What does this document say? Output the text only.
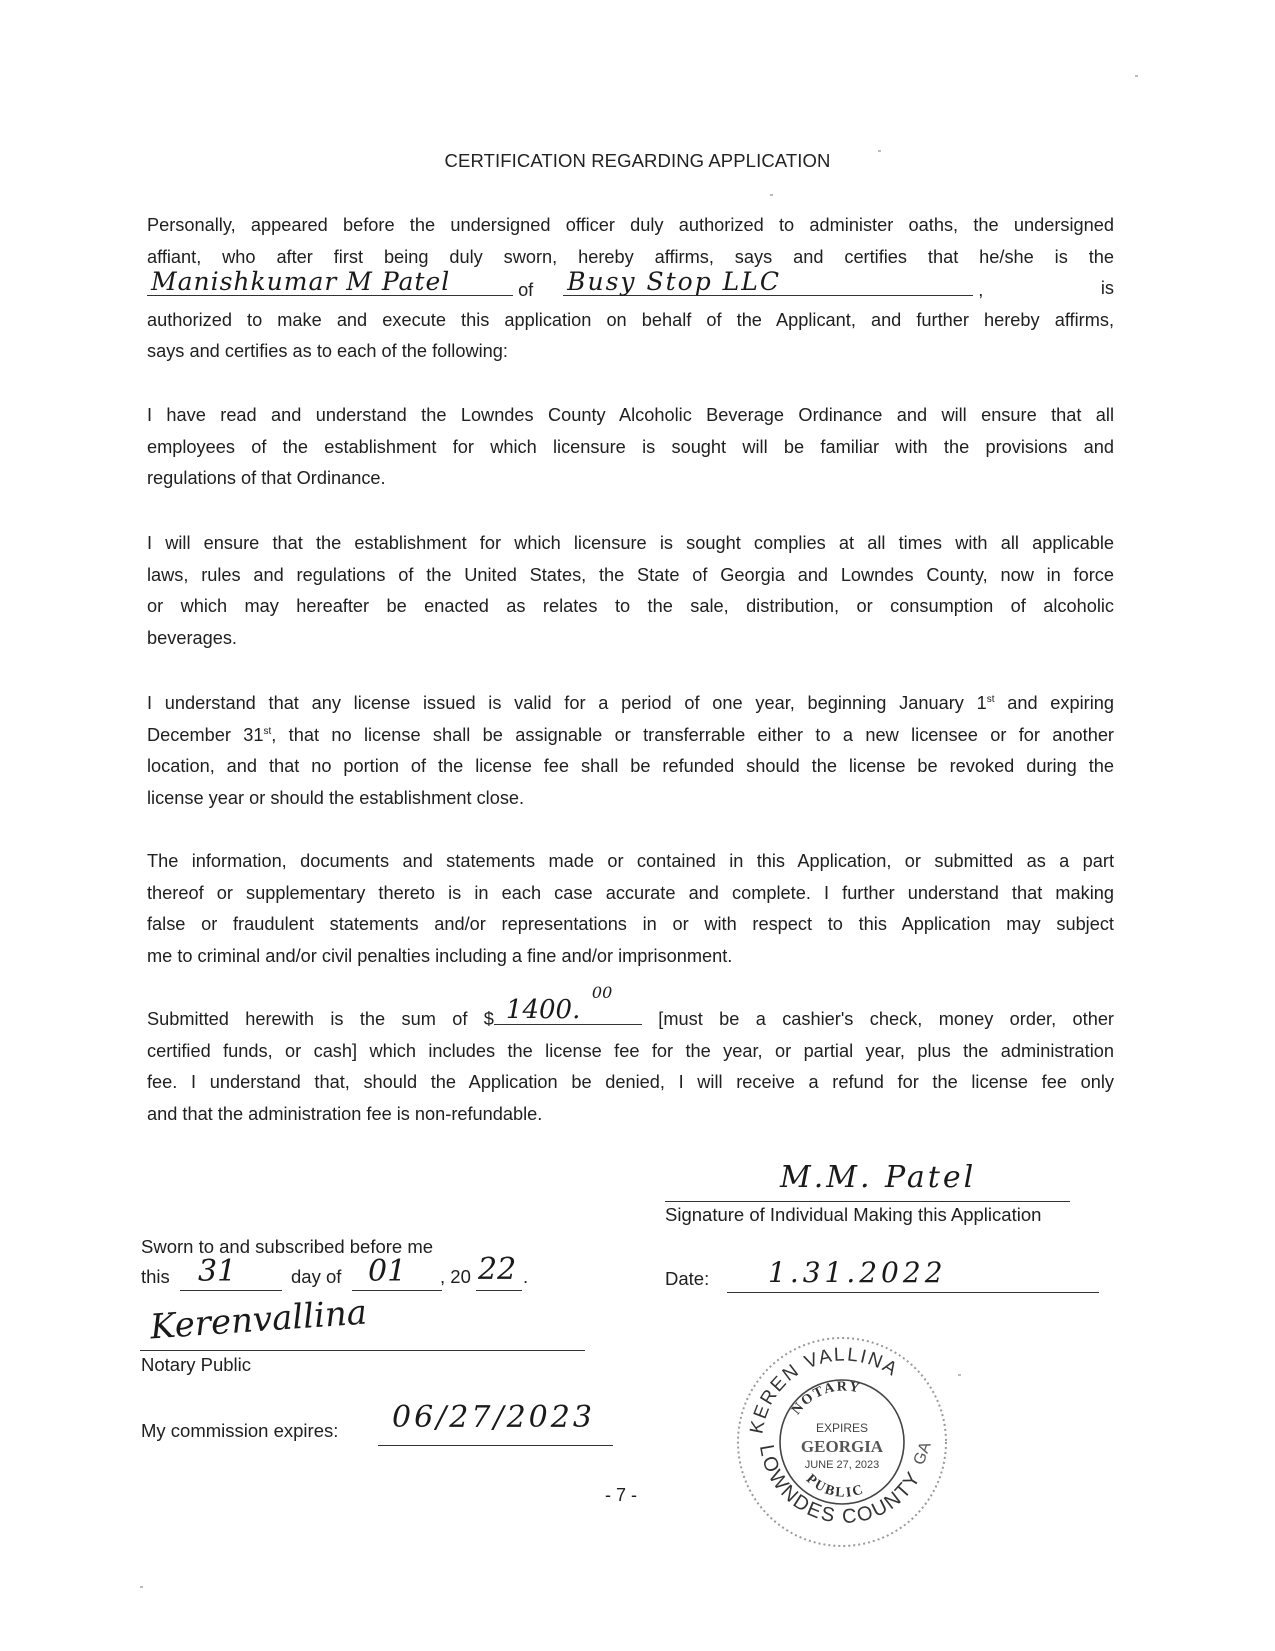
CERTIFICATION REGARDING APPLICATION
Personally, appeared before the undersigned officer duly authorized to administer oaths, the undersigned
affiant, who after first being duly sworn, hereby affirms, says and certifies that he/she is the
Manishkumar M Patel	of Busy Stop LLC	,	is
authorized to make and execute this application on behalf of the Applicant, and further hereby affirms,
says and certifies as to each of the following:
I have read and understand the Lowndes County Alcoholic Beverage Ordinance and will ensure that all
employees of the establishment for which licensure is sought will be familiar with the provisions and
regulations of that Ordinance.
I will ensure that the establishment for which licensure is sought complies at all times with all applicable
laws, rules and regulations of the United States, the State of Georgia and Lowndes County, now in force
or which may hereafter be enacted as relates to the sale, distribution, or consumption of alcoholic
beverages.
I understand that any license issued is valid for a period of one year, beginning January 1st and expiring
December 31st, that no license shall be assignable or transferrable either to a new licensee or for another
location, and that no portion of the license fee shall be refunded should the license be revoked during the
license year or should the establishment close.
The information, documents and statements made or contained in this Application, or submitted as a part
thereof or supplementary thereto is in each case accurate and complete. I further understand that making
false or fraudulent statements and/or representations in or with respect to this Application may subject
me to criminal and/or civil penalties including a fine and/or imprisonment.
Submitted herewith is the sum of $ 1400.
00
[must be a cashier's check, money order, other
certified funds, or cash] which includes the license fee for the year, or partial year, plus the administration
fee. I understand that, should the Application be denied, I will receive a refund for the license fee only
and that the administration fee is non-refundable.
M.M. Patel
Signature of Individual Making this Application
Date: 1.31.2022
Sworn to and subscribed before me
this 31	day of 01 , 20 22 .
Kerenvallina
Notary Public
My commission expires: 06/27/2023
- 7 -
KEREN VALLINA
LOWNDES COUNTY
NOTARY
PUBLIC
EXPIRES
GEORGIA
JUNE 27, 2023 GA
